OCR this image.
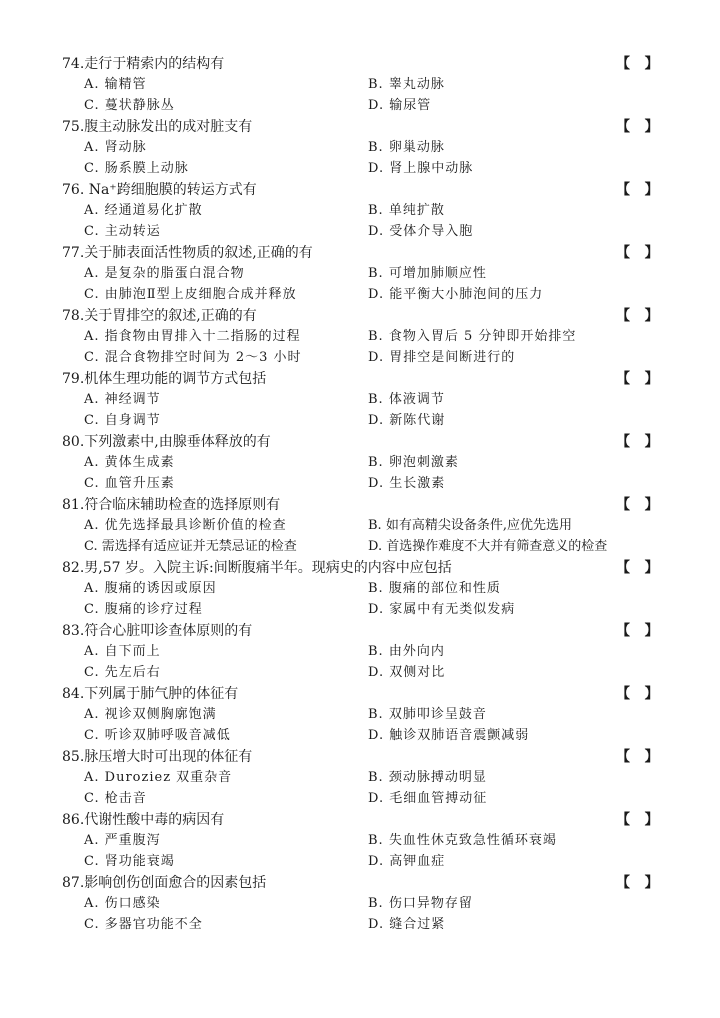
74.走行于精索内的结构有	【   】
A. 输精管	B. 睾丸动脉
C. 蔓状静脉丛	D. 输尿管
75.腹主动脉发出的成对脏支有	【   】
A. 肾动脉	B. 卵巢动脉
C. 肠系膜上动脉	D. 肾上腺中动脉
76. Na⁺跨细胞膜的转运方式有	【   】
A. 经通道易化扩散	B. 单纯扩散
C. 主动转运	D. 受体介导入胞
77.关于肺表面活性物质的叙述,正确的有	【   】
A. 是复杂的脂蛋白混合物	B. 可增加肺顺应性
C. 由肺泡Ⅱ型上皮细胞合成并释放	D. 能平衡大小肺泡间的压力
78.关于胃排空的叙述,正确的有	【   】
A. 指食物由胃排入十二指肠的过程	B. 食物入胃后 5 分钟即开始排空
C. 混合食物排空时间为 2～3 小时	D. 胃排空是间断进行的
79.机体生理功能的调节方式包括	【   】
A. 神经调节	B. 体液调节
C. 自身调节	D. 新陈代谢
80.下列激素中,由腺垂体释放的有	【   】
A. 黄体生成素	B. 卵泡刺激素
C. 血管升压素	D. 生长激素
81.符合临床辅助检查的选择原则有	【   】
A. 优先选择最具诊断价值的检查	B. 如有高精尖设备条件,应优先选用
C. 需选择有适应证并无禁忌证的检查	D. 首选操作难度不大并有筛查意义的检查
82.男,57 岁。入院主诉:间断腹痛半年。现病史的内容中应包括	【   】
A. 腹痛的诱因或原因	B. 腹痛的部位和性质
C. 腹痛的诊疗过程	D. 家属中有无类似发病
83.符合心脏叩诊查体原则的有	【   】
A. 自下而上	B. 由外向内
C. 先左后右	D. 双侧对比
84.下列属于肺气肿的体征有	【   】
A. 视诊双侧胸廓饱满	B. 双肺叩诊呈鼓音
C. 听诊双肺呼吸音减低	D. 触诊双肺语音震颤减弱
85.脉压增大时可出现的体征有	【   】
A. Duroziez 双重杂音	B. 颈动脉搏动明显
C. 枪击音	D. 毛细血管搏动征
86.代谢性酸中毒的病因有	【   】
A. 严重腹泻	B. 失血性休克致急性循环衰竭
C. 肾功能衰竭	D. 高钾血症
87.影响创伤创面愈合的因素包括	【   】
A. 伤口感染	B. 伤口异物存留
C. 多器官功能不全	D. 缝合过紧
